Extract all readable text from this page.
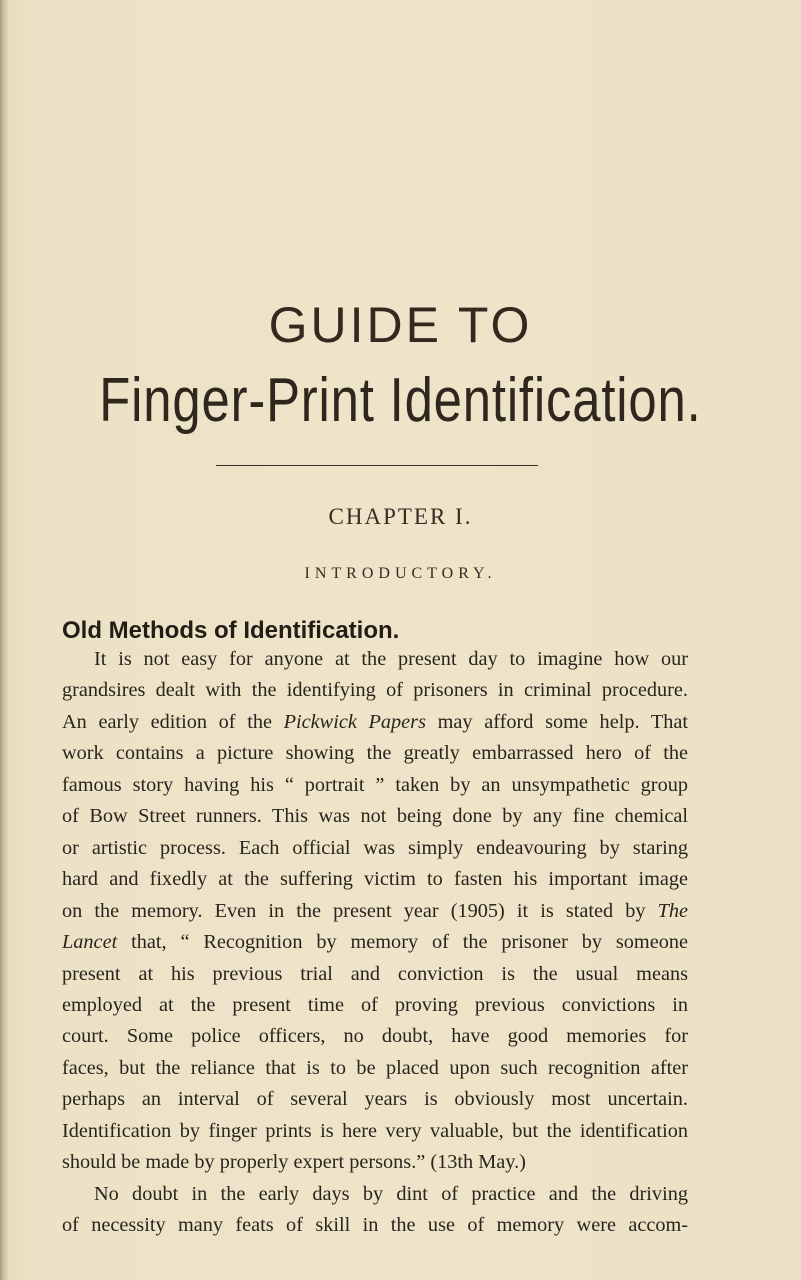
GUIDE TO
Finger-Print Identification.
CHAPTER I.
INTRODUCTORY.
Old Methods of Identification.
It is not easy for anyone at the present day to imagine how our
grandsires dealt with the identifying of prisoners in criminal procedure.
An early edition of the Pickwick Papers may afford some help. That
work contains a picture showing the greatly embarrassed hero of the
famous story having his “ portrait ” taken by an unsympathetic group
of Bow Street runners. This was not being done by any fine chemical
or artistic process. Each official was simply endeavouring by staring
hard and fixedly at the suffering victim to fasten his important image
on the memory. Even in the present year (1905) it is stated by The
Lancet that, “ Recognition by memory of the prisoner by someone
present at his previous trial and conviction is the usual means
employed at the present time of proving previous convictions in
court. Some police officers, no doubt, have good memories for
faces, but the reliance that is to be placed upon such recognition after
perhaps an interval of several years is obviously most uncertain.
Identification by finger prints is here very valuable, but the identification
should be made by properly expert persons.” (13th May.)
No doubt in the early days by dint of practice and the driving
of necessity many feats of skill in the use of memory were accom-
